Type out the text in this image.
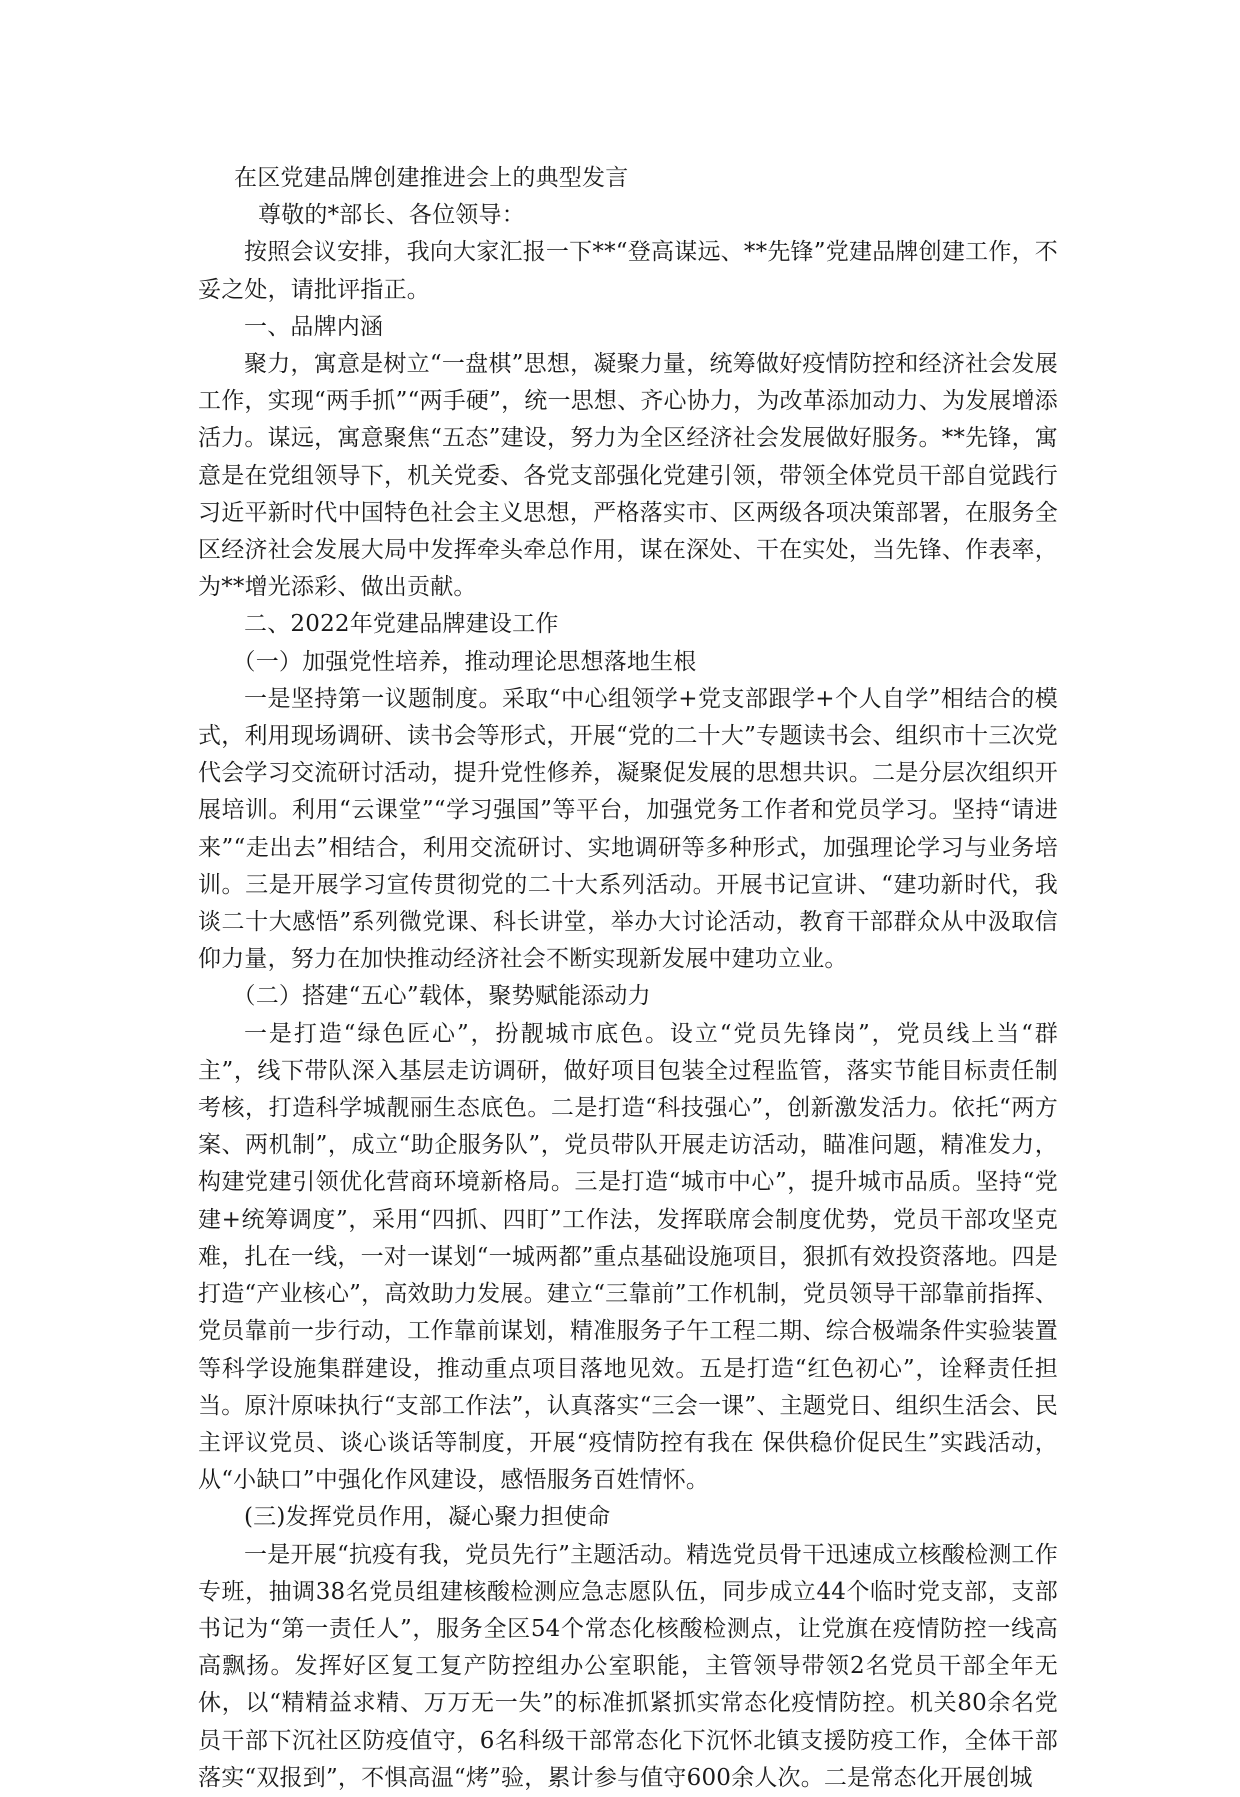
在区党建品牌创建推进会上的典型发言

尊敬的*部长、各位领导：

按照会议安排，我向大家汇报一下**“登高谋远、**先锋”党建品牌创建工作，不妥之处，请批评指正。

一、品牌内涵

聚力，寓意是树立“一盘棋”思想，凝聚力量，统筹做好疫情防控和经济社会发展工作，实现“两手抓”“两手硬”，统一思想、齐心协力，为改革添加动力、为发展增添活力。谋远，寓意聚焦“五态”建设，努力为全区经济社会发展做好服务。**先锋，寓意是在党组领导下，机关党委、各党支部强化党建引领，带领全体党员干部自觉践行习近平新时代中国特色社会主义思想，严格落实市、区两级各项决策部署，在服务全区经济社会发展大局中发挥牵头牵总作用，谋在深处、干在实处，当先锋、作表率，为**增光添彩、做出贡献。

二、2022年党建品牌建设工作

（一）加强党性培养，推动理论思想落地生根

一是坚持第一议题制度。采取“中心组领学+党支部跟学+个人自学”相结合的模式，利用现场调研、读书会等形式，开展“党的二十大”专题读书会、组织市十三次党代会学习交流研讨活动，提升党性修养，凝聚促发展的思想共识。二是分层次组织开展培训。利用“云课堂”“学习强国”等平台，加强党务工作者和党员学习。坚持“请进来”“走出去”相结合，利用交流研讨、实地调研等多种形式，加强理论学习与业务培训。三是开展学习宣传贯彻党的二十大系列活动。开展书记宣讲、“建功新时代，我谈二十大感悟”系列微党课、科长讲堂，举办大讨论活动，教育干部群众从中汲取信仰力量，努力在加快推动经济社会不断实现新发展中建功立业。

（二）搭建“五心”载体，聚势赋能添动力

一是打造“绿色匠心”，扮靓城市底色。设立“党员先锋岗”，党员线上当“群主”，线下带队深入基层走访调研，做好项目包装全过程监管，落实节能目标责任制考核，打造科学城靓丽生态底色。二是打造“科技强心”，创新激发活力。依托“两方案、两机制”，成立“助企服务队”，党员带队开展走访活动，瞄准问题，精准发力，构建党建引领优化营商环境新格局。三是打造“城市中心”，提升城市品质。坚持“党建+统筹调度”，采用“四抓、四盯”工作法，发挥联席会制度优势，党员干部攻坚克难，扎在一线，一对一谋划“一城两都”重点基础设施项目，狠抓有效投资落地。四是打造“产业核心”，高效助力发展。建立“三靠前”工作机制，党员领导干部靠前指挥、党员靠前一步行动，工作靠前谋划，精准服务子午工程二期、综合极端条件实验装置等科学设施集群建设，推动重点项目落地见效。五是打造“红色初心”，诠释责任担当。原汁原味执行“支部工作法”，认真落实“三会一课”、主题党日、组织生活会、民主评议党员、谈心谈话等制度，开展“疫情防控有我在 保供稳价促民生”实践活动，从“小缺口”中强化作风建设，感悟服务百姓情怀。

(三)发挥党员作用，凝心聚力担使命

一是开展“抗疫有我，党员先行”主题活动。精选党员骨干迅速成立核酸检测工作专班，抽调38名党员组建核酸检测应急志愿队伍，同步成立44个临时党支部，支部书记为“第一责任人”，服务全区54个常态化核酸检测点，让党旗在疫情防控一线高高飘扬。发挥好区复工复产防控组办公室职能，主管领导带领2名党员干部全年无休，以“精精益求精、万万无一失”的标准抓紧抓实常态化疫情防控。机关80余名党员干部下沉社区防疫值守，6名科级干部常态化下沉怀北镇支援防疫工作，全体干部落实“双报到”，不惧高温“烤”验，累计参与值守600余人次。二是常态化开展创城
